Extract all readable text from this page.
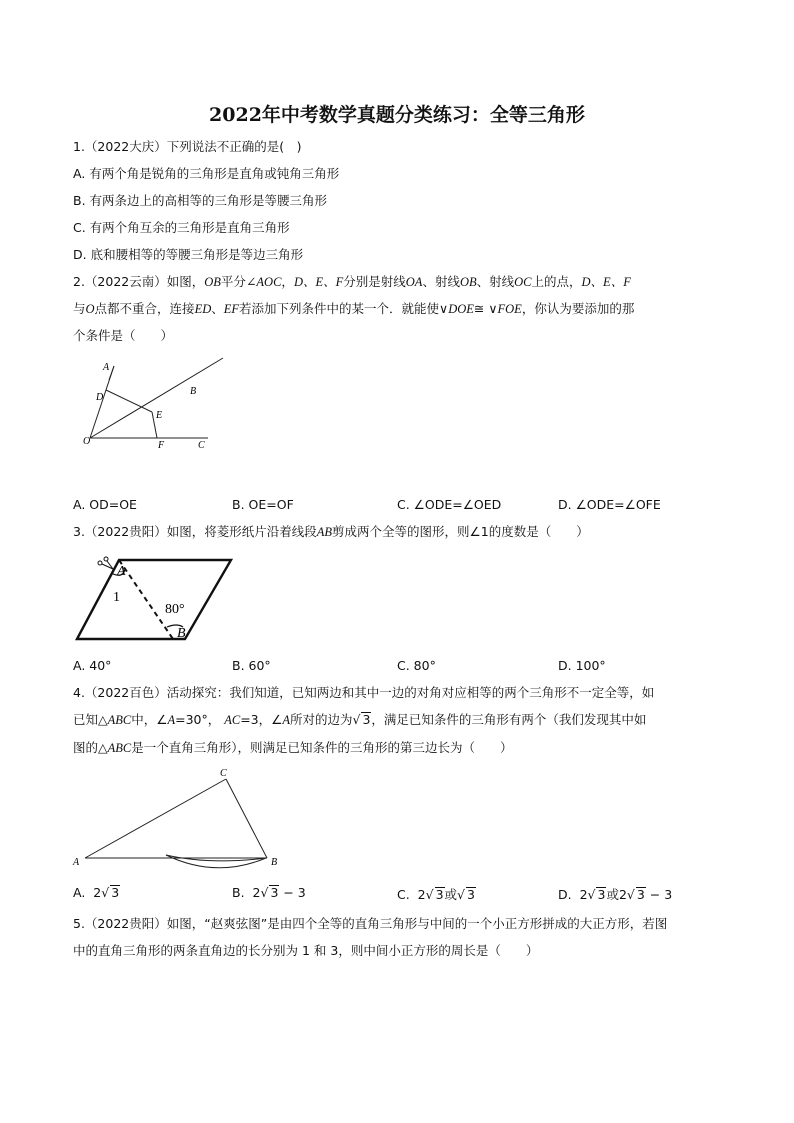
2022年中考数学真题分类练习：全等三角形
1.（2022大庆）下列说法不正确的是(　)
A. 有两个角是锐角的三角形是直角或钝角三角形
B. 有两条边上的高相等的三角形是等腰三角形
C. 有两个角互余的三角形是直角三角形
D. 底和腰相等的等腰三角形是等边三角形
2.（2022云南）如图，OB平分∠AOC，D、E、F分别是射线OA、射线OB、射线OC上的点，D、E、F
与O点都不重合，连接ED、EF若添加下列条件中的某一个．就能使∨DOE≅ ∨FOE，你认为要添加的那
个条件是（　　）
A
D
B
E
O	F	C
A. OD=OE	B. OE=OF	C. ∠ODE=∠OED	D. ∠ODE=∠OFE
3.（2022贵阳）如图，将菱形纸片沿着线段AB剪成两个全等的图形，则∠1的度数是（　　）
A
1
80°
B
A. 40°	B. 60°	C. 80°	D. 100°
4.（2022百色）活动探究：我们知道，已知两边和其中一边的对角对应相等的两个三角形不一定全等，如
已知△ABC中，∠A=30°， AC=3，∠A所对的边为√ 3，满足已知条件的三角形有两个（我们发现其中如
图的△ABC是一个直角三角形），则满足已知条件的三角形的第三边长为（　　）
C
A	B
A. 2√ 3	B. 2√ 3 − 3	C. 2√ 3或√ 3	D. 2√ 3或2√ 3 − 3
5.（2022贵阳）如图，“赵爽弦图”是由四个全等的直角三角形与中间的一个小正方形拼成的大正方形，若图
中的直角三角形的两条直角边的长分别为 1 和 3，则中间小正方形的周长是（　　）
